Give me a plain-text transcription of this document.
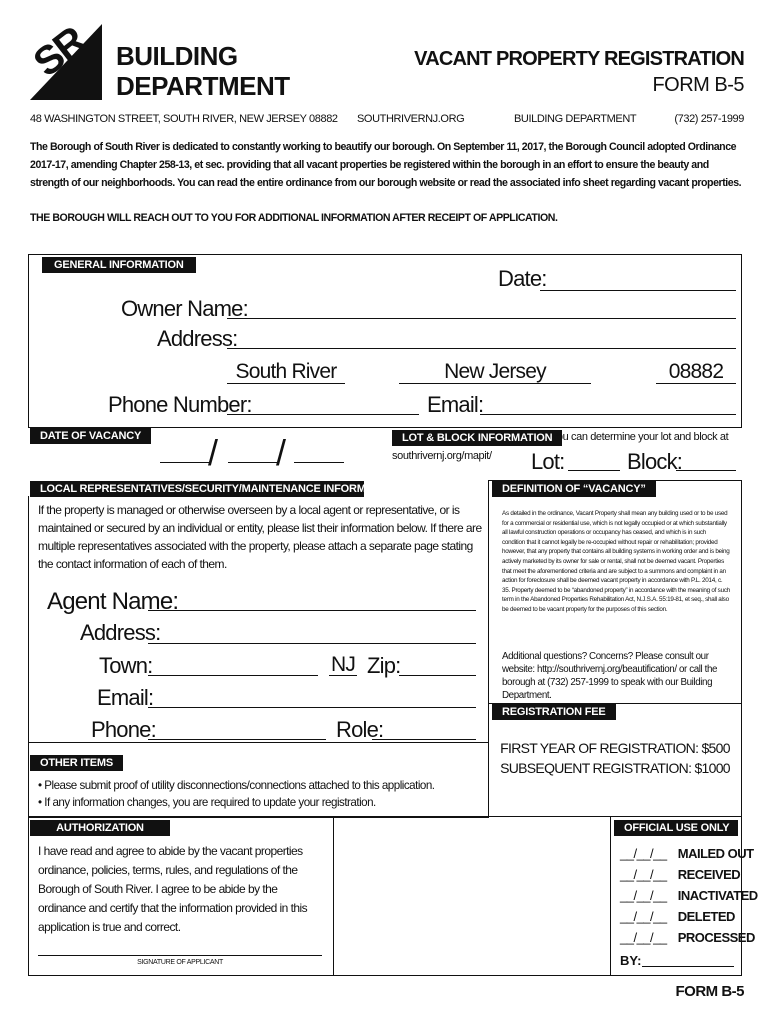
SR BUILDING
DEPARTMENT
VACANT PROPERTY REGISTRATION
FORM B-5
48 WASHINGTON STREET, SOUTH RIVER, NEW JERSEY 08882 SOUTHRIVERNJ.ORG	BUILDING DEPARTMENT	(732) 257-1999
The Borough of South River is dedicated to constantly working to beautify our borough. On September 11, 2017, the Borough Council adopted Ordinance 2017-17, amending Chapter 258-13, et sec. providing that all vacant properties be registered within the borough in an effort to ensure the beauty and strength of our neighborhoods. You can read the entire ordinance from our borough website or read the associated info sheet regarding vacant properties.
THE BOROUGH WILL REACH OUT TO YOU FOR ADDITIONAL INFORMATION AFTER RECEIPT OF APPLICATION.
GENERAL INFORMATION
Date:
Owner Name:
Address:
South River	New Jersey	08882
Phone Number:	Email:
DATE OF VACANCY / /	LOT & BLOCK INFORMATION
You can determine your lot and block at
southrivernj.org/mapit/ Lot:	Block:
LOCAL REPRESENTATIVES/SECURITY/MAINTENANCE INFORMATION
If the property is managed or otherwise overseen by a local agent or representative, or is maintained or secured by an individual or entity, please list their information below. If there are multiple representatives associated with the property, please attach a separate page stating the contact information of each of them.
Agent Name:
Address:
Town:	NJ Zip:
Email:
Phone:	Role:
DEFINITION OF “VACANCY”
As detailed in the ordinance, Vacant Property shall mean any building used or to be used for a commercial or residential use, which is not legally occupied or at which substantially all lawful construction operations or occupancy has ceased, and which is in such condition that it cannot legally be re-occupied without repair or rehabilitation; provided however, that any property that contains all building systems in working order and is being actively marketed by its owner for sale or rental, shall not be deemed vacant. Properties that meet the aforementioned criteria and are subject to a summons and complaint in an action for foreclosure shall be deemed vacant property in accordance with P.L. 2014, c. 35. Property deemed to be “abandoned property” in accordance with the meaning of such term in the Abandoned Properties Rehabilitation Act, N.J.S.A. 55:19-81, et seq., shall also be deemed to be vacant property for the purposes of this section.
Additional questions? Concerns? Please consult our website: http://southrivernj.org/beautification/ or call the borough at (732) 257-1999 to speak with our Building Department.
REGISTRATION FEE
FIRST YEAR OF REGISTRATION: $500
SUBSEQUENT REGISTRATION: $1000
OTHER ITEMS
• Please submit proof of utility disconnections/connections attached to this application.
• If any information changes, you are required to update your registration.
AUTHORIZATION
I have read and agree to abide by the vacant properties ordinance, policies, terms, rules, and regulations of the Borough of South River. I agree to be abide by the ordinance and certify that the information provided in this application is true and correct.
SIGNATURE OF APPLICANT
OFFICIAL USE ONLY
__/__/__ MAILED OUT
__/__/__ RECEIVED
__/__/__ INACTIVATED
__/__/__ DELETED
__/__/__ PROCESSED
BY:
FORM B-5
